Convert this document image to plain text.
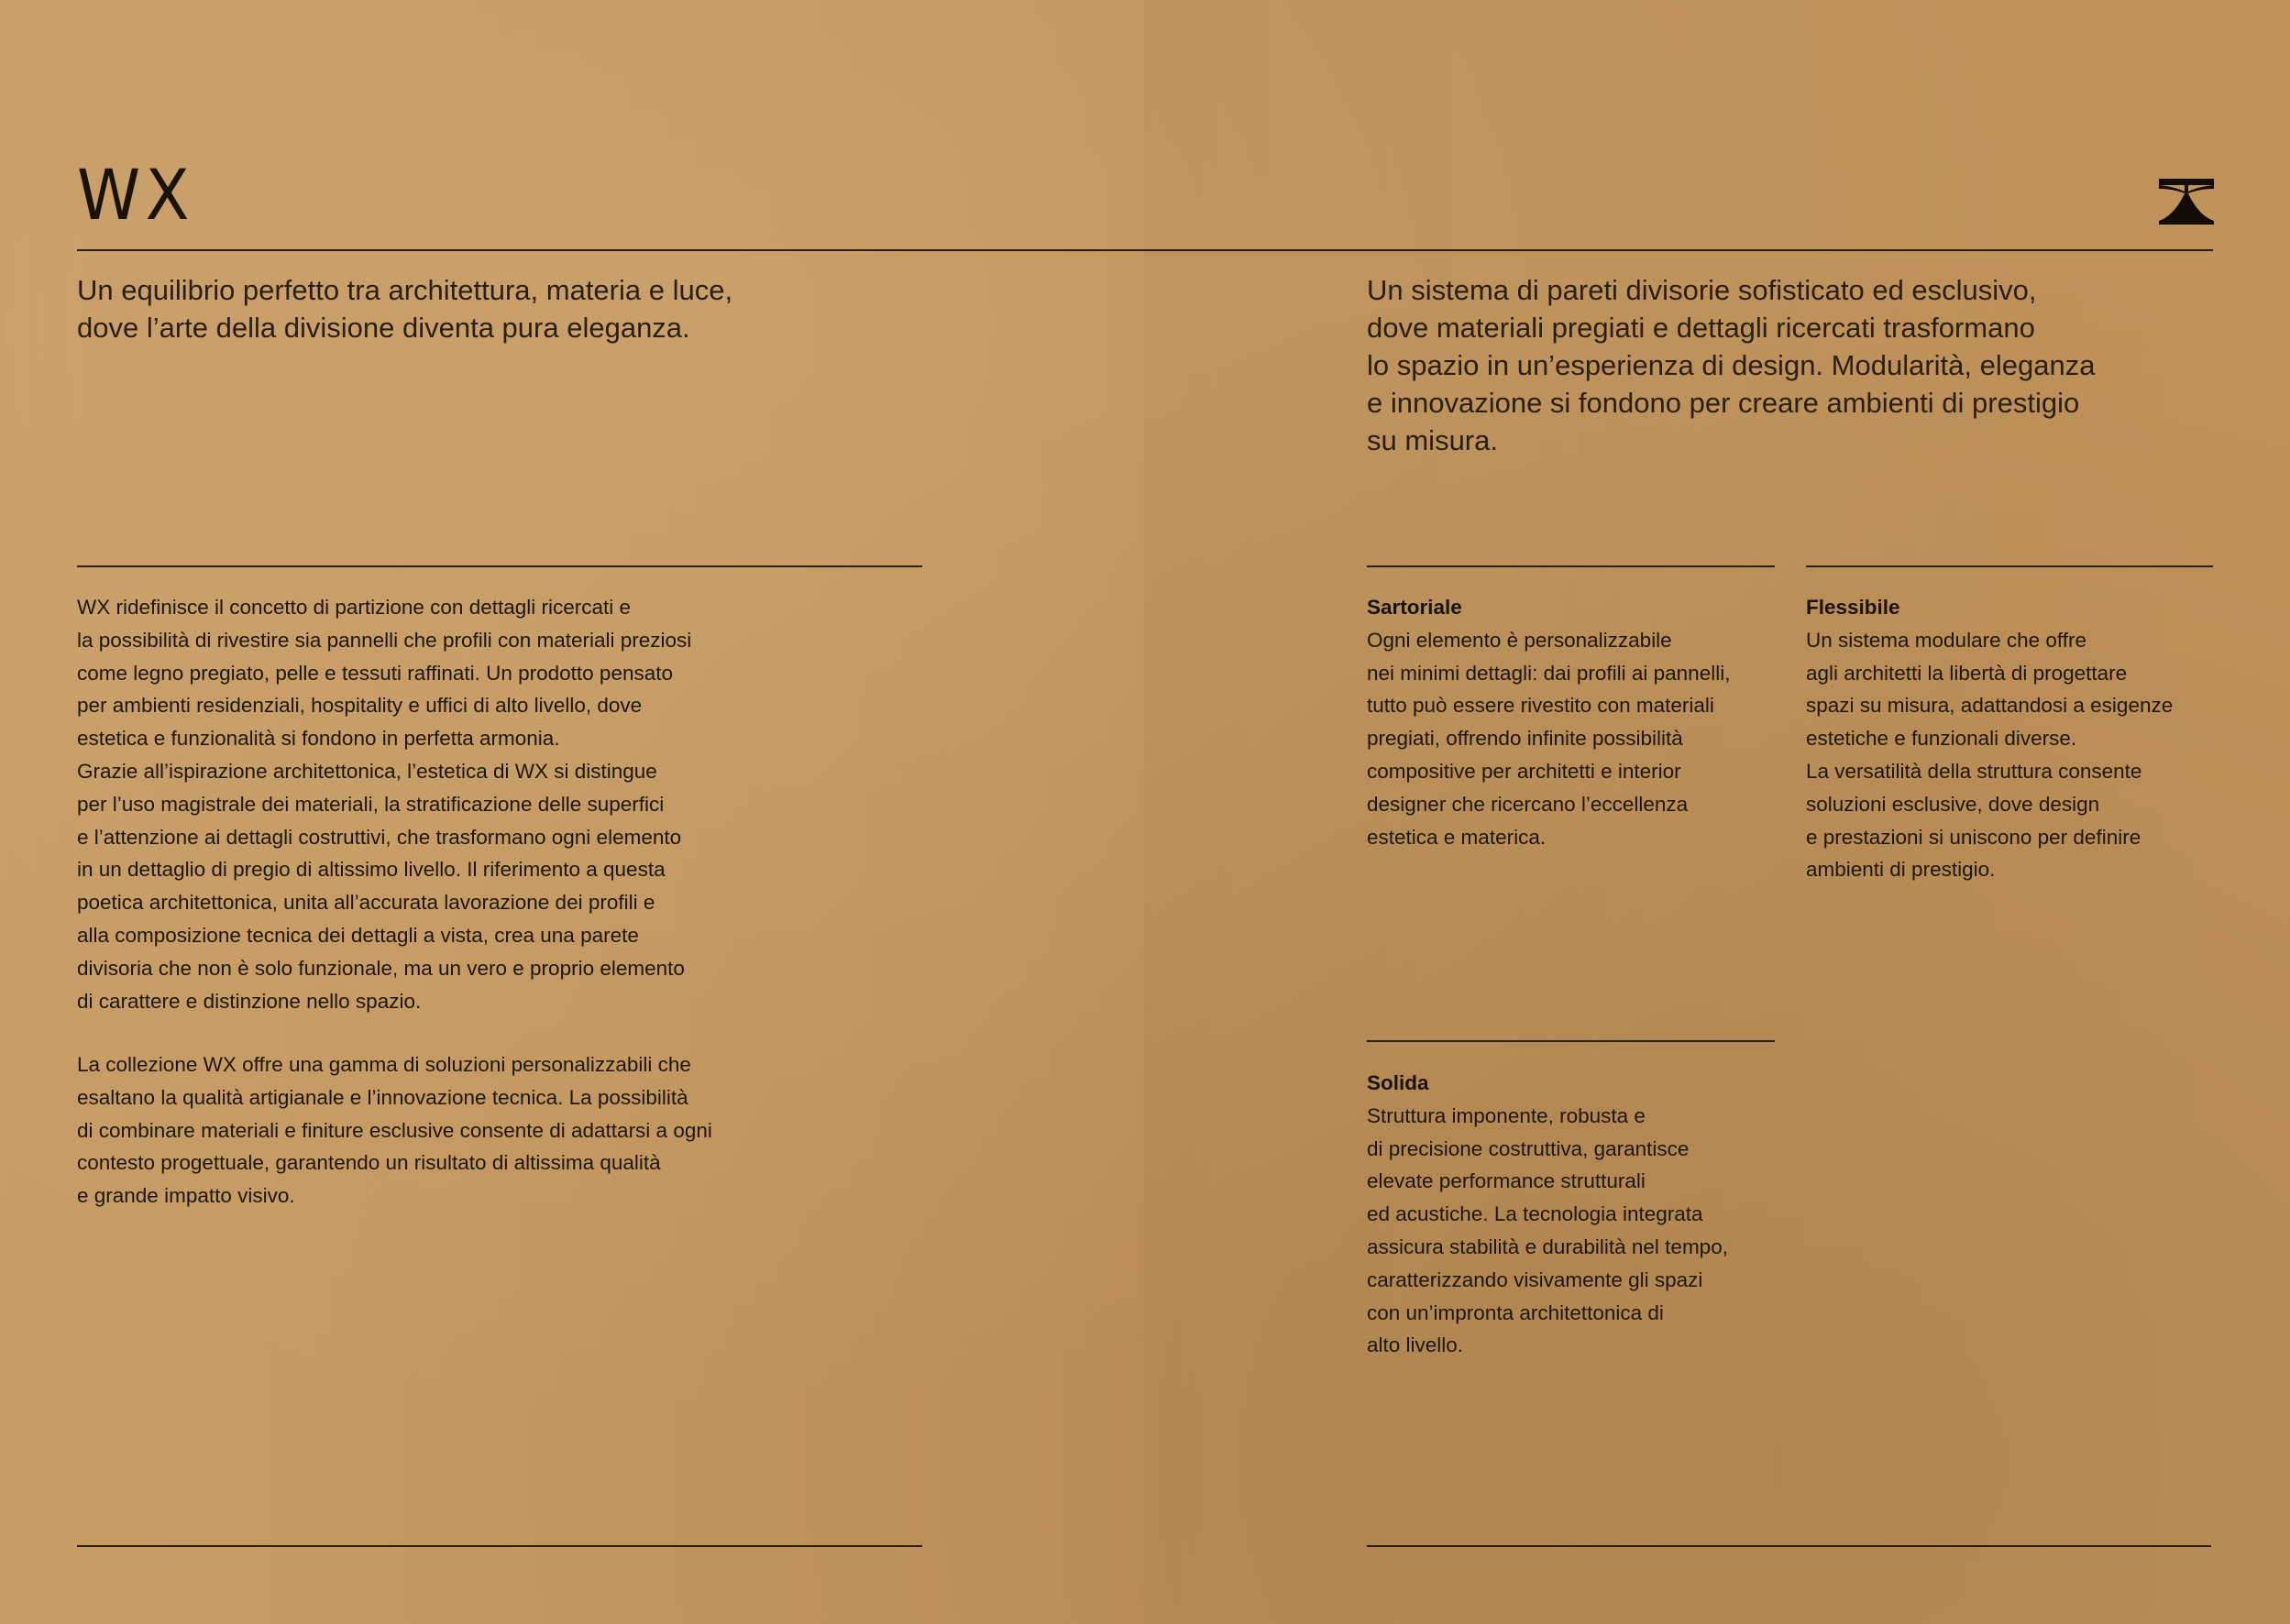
WX

Un equilibrio perfetto tra architettura, materia e luce,
dove l’arte della divisione diventa pura eleganza.

Un sistema di pareti divisorie sofisticato ed esclusivo,
dove materiali pregiati e dettagli ricercati trasformano
lo spazio in un’esperienza di design. Modularità, eleganza
e innovazione si fondono per creare ambienti di prestigio
su misura.

WX ridefinisce il concetto di partizione con dettagli ricercati e
la possibilità di rivestire sia pannelli che profili con materiali preziosi
come legno pregiato, pelle e tessuti raffinati. Un prodotto pensato
per ambienti residenziali, hospitality e uffici di alto livello, dove
estetica e funzionalità si fondono in perfetta armonia.
Grazie all’ispirazione architettonica, l’estetica di WX si distingue
per l’uso magistrale dei materiali, la stratificazione delle superfici
e l’attenzione ai dettagli costruttivi, che trasformano ogni elemento
in un dettaglio di pregio di altissimo livello. Il riferimento a questa
poetica architettonica, unita all’accurata lavorazione dei profili e
alla composizione tecnica dei dettagli a vista, crea una parete
divisoria che non è solo funzionale, ma un vero e proprio elemento
di carattere e distinzione nello spazio.

La collezione WX offre una gamma di soluzioni personalizzabili che
esaltano la qualità artigianale e l’innovazione tecnica. La possibilità
di combinare materiali e finiture esclusive consente di adattarsi a ogni
contesto progettuale, garantendo un risultato di altissima qualità
e grande impatto visivo.

Sartoriale

Ogni elemento è personalizzabile
nei minimi dettagli: dai profili ai pannelli,
tutto può essere rivestito con materiali
pregiati, offrendo infinite possibilità
compositive per architetti e interior
designer che ricercano l’eccellenza
estetica e materica.

Flessibile

Un sistema modulare che offre
agli architetti la libertà di progettare
spazi su misura, adattandosi a esigenze
estetiche e funzionali diverse.
La versatilità della struttura consente
soluzioni esclusive, dove design
e prestazioni si uniscono per definire
ambienti di prestigio.

Solida

Struttura imponente, robusta e
di precisione costruttiva, garantisce
elevate performance strutturali
ed acustiche. La tecnologia integrata
assicura stabilità e durabilità nel tempo,
caratterizzando visivamente gli spazi
con un’impronta architettonica di
alto livello.
